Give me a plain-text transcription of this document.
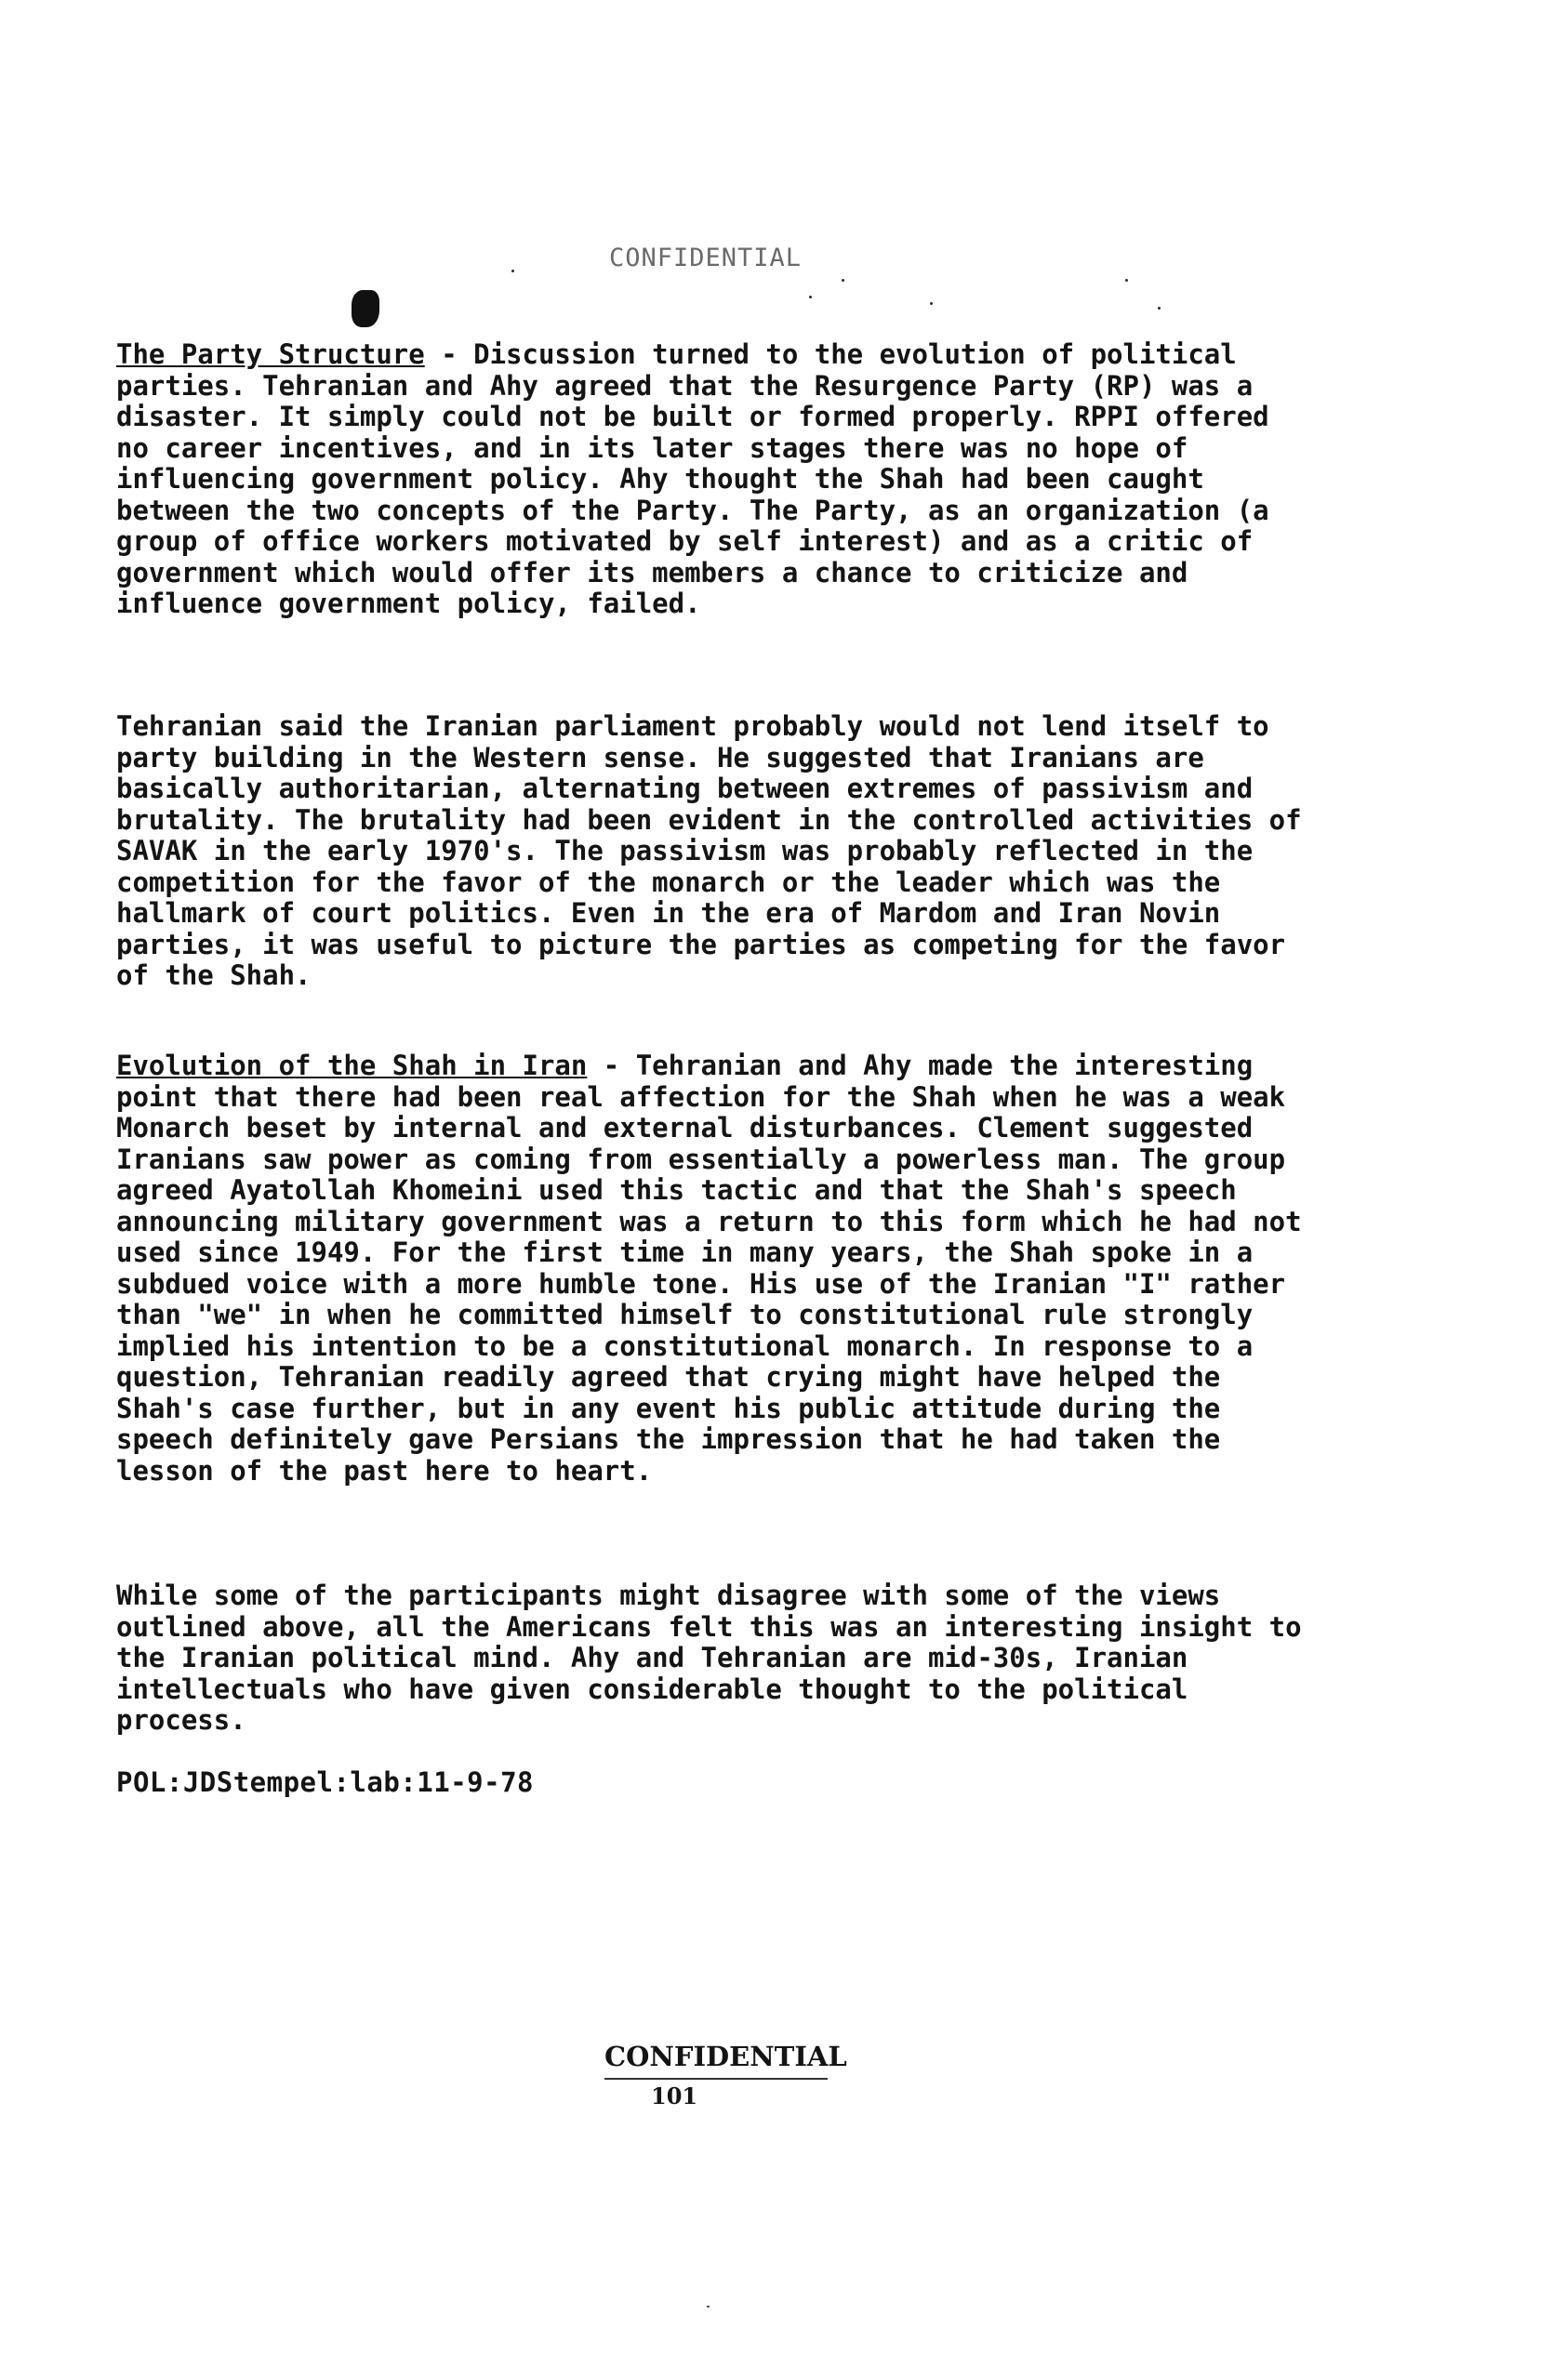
CONFIDENTIAL

The Party Structure - Discussion turned to the evolution of political parties. Tehranian and Ahy agreed that the Resurgence Party (RP) was a disaster. It simply could not be built or formed properly. RPPI offered no career incentives, and in its later stages there was no hope of influencing government policy. Ahy thought the Shah had been caught between the two concepts of the Party. The Party, as an organization (a group of office workers motivated by self interest) and as a critic of government which would offer its members a chance to criticize and influence government policy, failed.

Tehranian said the Iranian parliament probably would not lend itself to party building in the Western sense. He suggested that Iranians are basically authoritarian, alternating between extremes of passivism and brutality. The brutality had been evident in the controlled activities of SAVAK in the early 1970's. The passivism was probably reflected in the competition for the favor of the monarch or the leader which was the hallmark of court politics. Even in the era of Mardom and Iran Novin parties, it was useful to picture the parties as competing for the favor of the Shah.

Evolution of the Shah in Iran - Tehranian and Ahy made the interesting point that there had been real affection for the Shah when he was a weak Monarch beset by internal and external disturbances. Clement suggested Iranians saw power as coming from essentially a powerless man. The group agreed Ayatollah Khomeini used this tactic and that the Shah's speech announcing military government was a return to this form which he had not used since 1949. For the first time in many years, the Shah spoke in a subdued voice with a more humble tone. His use of the Iranian "I" rather than "we" in when he committed himself to constitutional rule strongly implied his intention to be a constitutional monarch. In response to a question, Tehranian readily agreed that crying might have helped the Shah's case further, but in any event his public attitude during the speech definitely gave Persians the impression that he had taken the lesson of the past here to heart.

While some of the participants might disagree with some of the views outlined above, all the Americans felt this was an interesting insight to the Iranian political mind. Ahy and Tehranian are mid-30s, Iranian intellectuals who have given considerable thought to the political process.

POL:JDStempel:lab:11-9-78
CONFIDENTIAL
101
